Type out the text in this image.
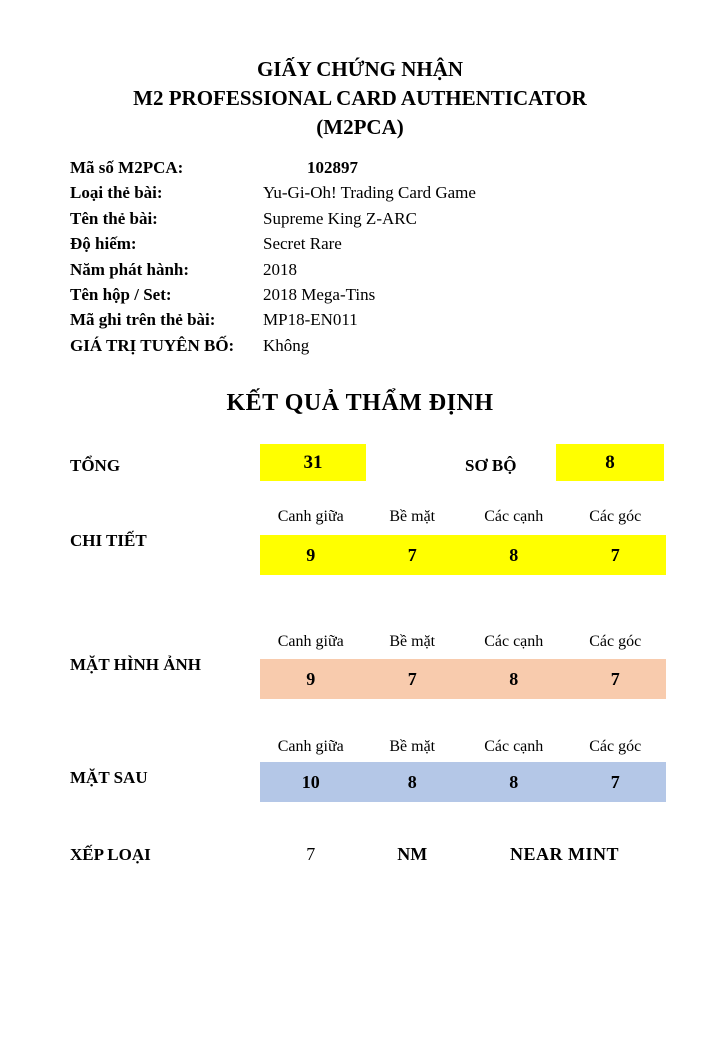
GIẤY CHỨNG NHẬN
M2 PROFESSIONAL CARD AUTHENTICATOR
(M2PCA)
Mã số M2PCA:	102897
Loại thẻ bài:	Yu-Gi-Oh! Trading Card Game
Tên thẻ bài:	Supreme King Z-ARC
Độ hiếm:	Secret Rare
Năm phát hành:	2018
Tên hộp / Set:	2018 Mega-Tins
Mã ghi trên thẻ bài:	MP18-EN011
GIÁ TRỊ TUYÊN BỐ:	Không
KẾT QUẢ THẨM ĐỊNH
TỔNG	31	SƠ BỘ	8
CHI TIẾT
Canh giữa	Bề mặt	Các cạnh	Các góc
9	7	8	7
MẶT HÌNH ẢNH
Canh giữa	Bề mặt	Các cạnh	Các góc
9	7	8	7
MẶT SAU
Canh giữa	Bề mặt	Các cạnh	Các góc
10	8	8	7
XẾP LOẠI	7	NM	NEAR MINT
